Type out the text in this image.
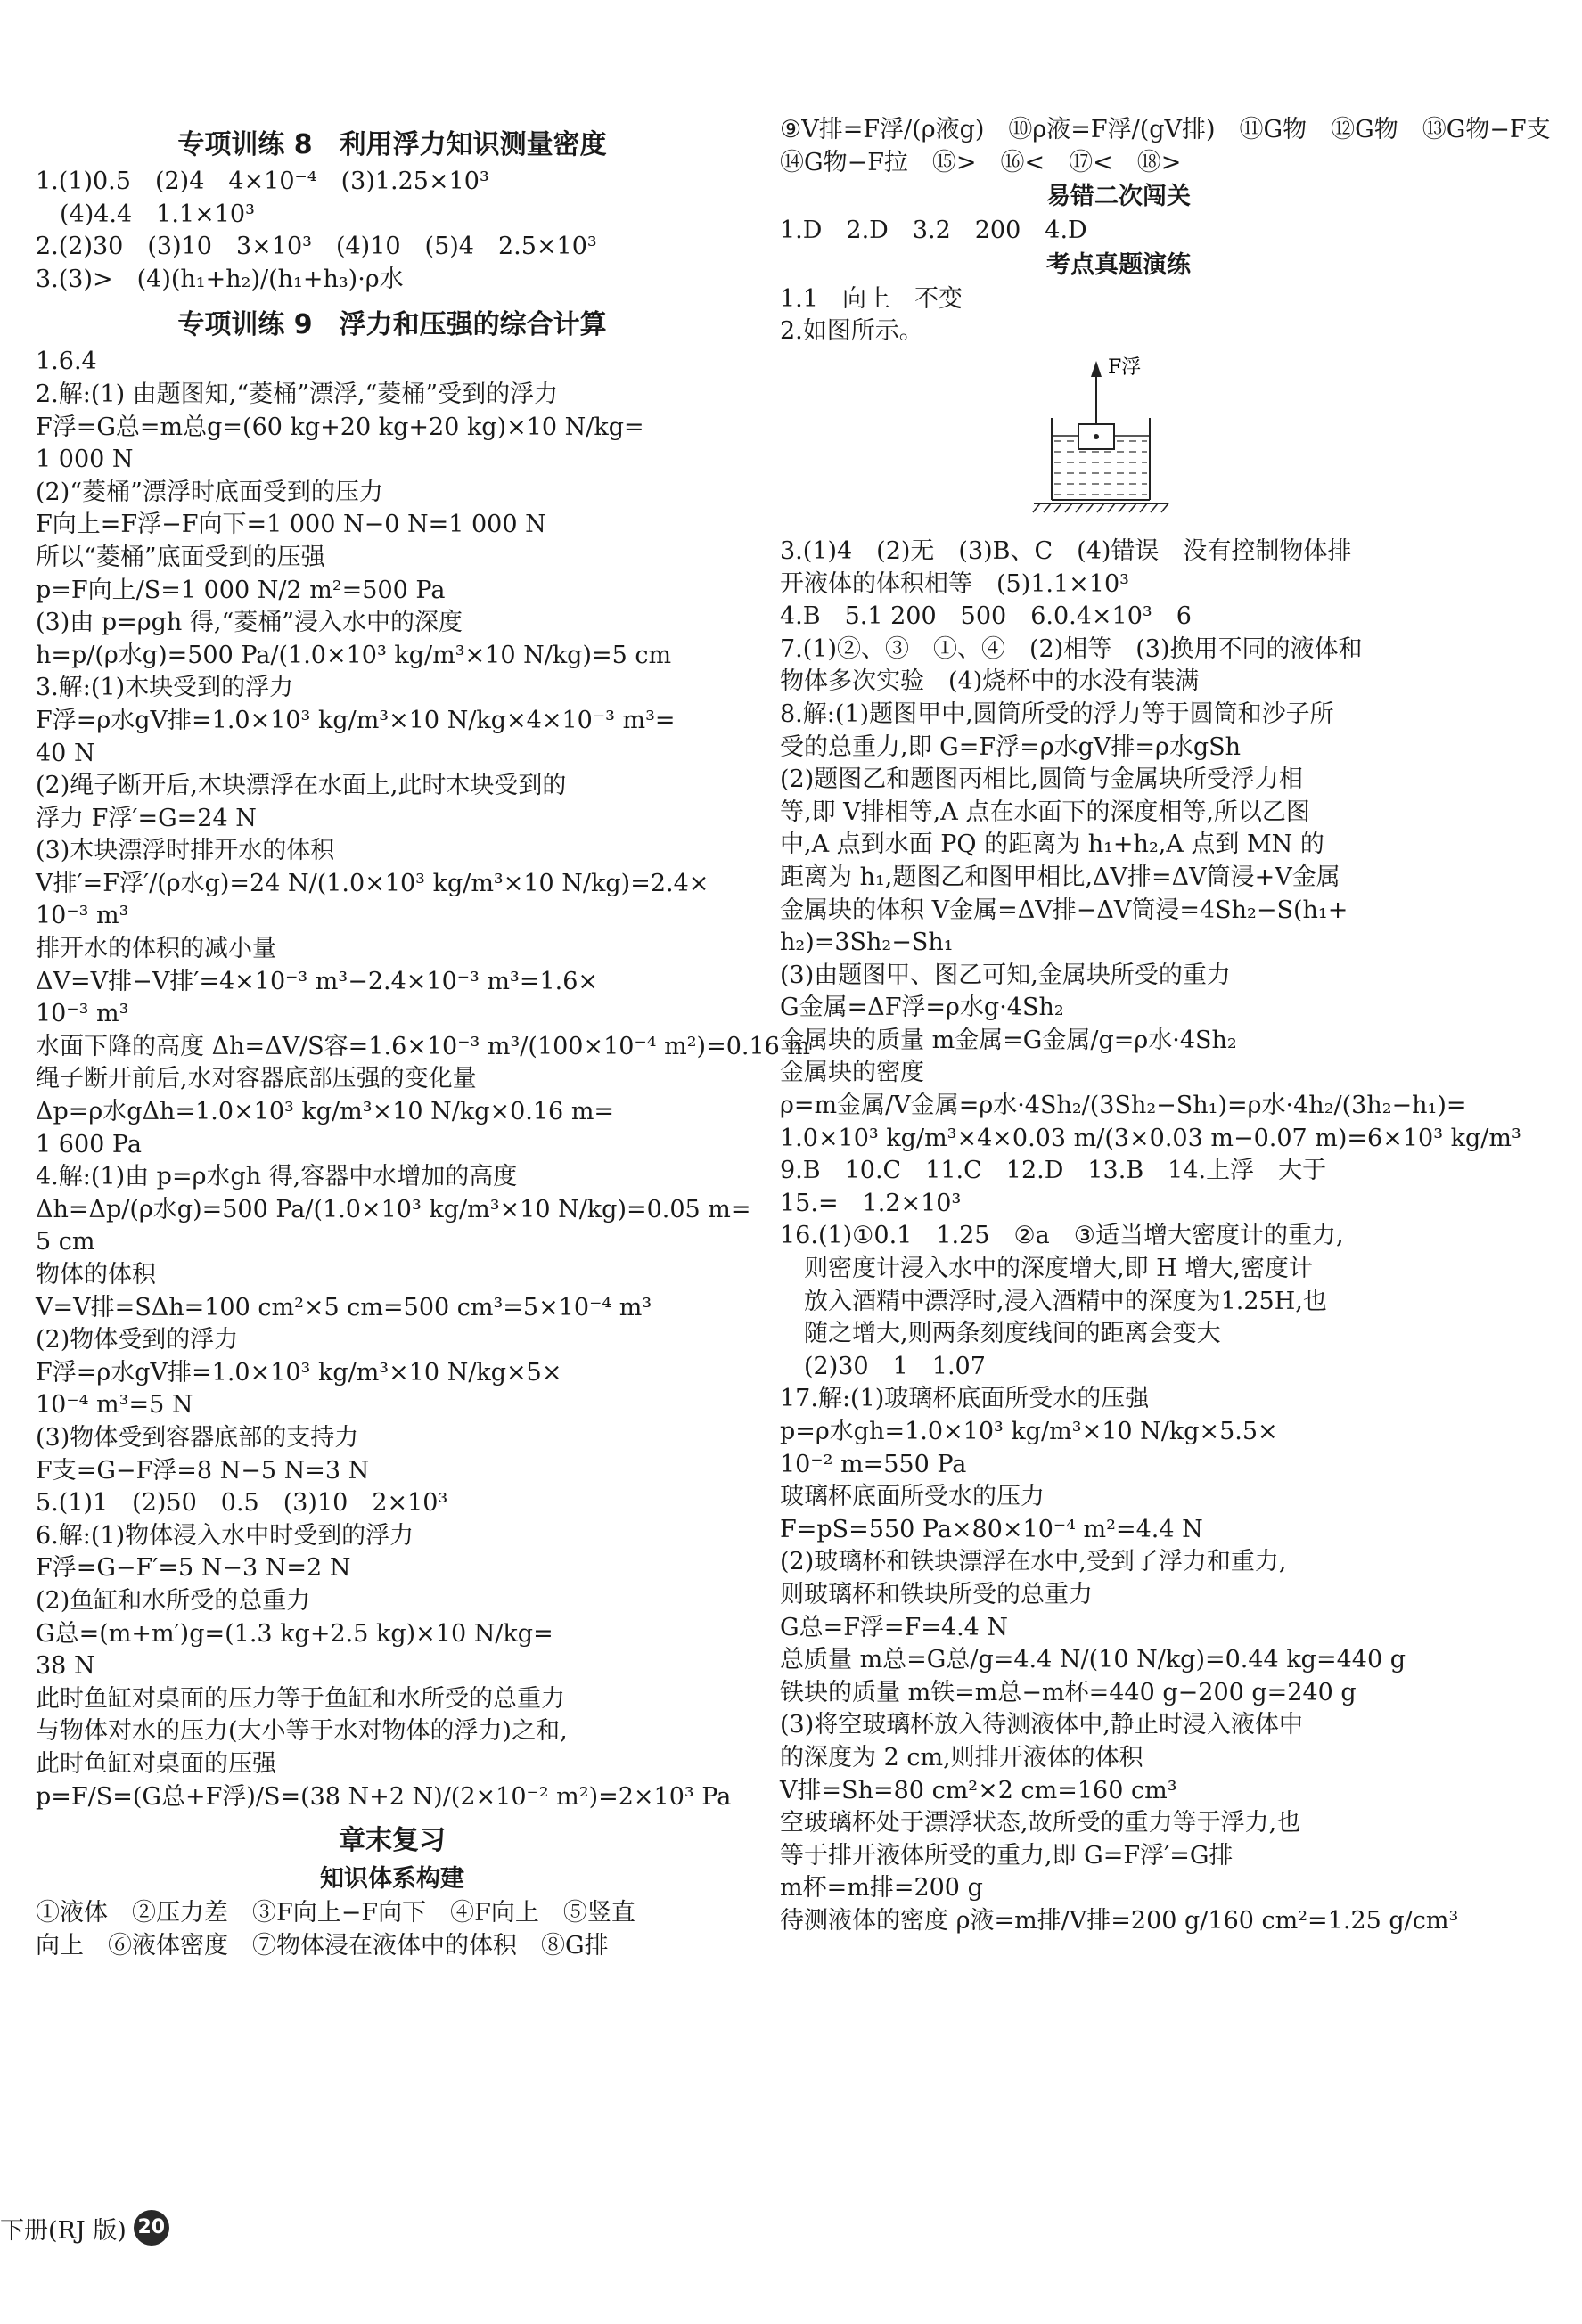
专项训练 8　利用浮力知识测量密度
1.(1)0.5　(2)4　4×10⁻⁴　(3)1.25×10³
　(4)4.4　1.1×10³
2.(2)30　(3)10　3×10³　(4)10　(5)4　2.5×10³
3.(3)>　(4)(h₁+h₂)/(h₁+h₃)·ρ水
专项训练 9　浮力和压强的综合计算
1.6.4
2.解:(1) 由题图知,“菱桶”漂浮,“菱桶”受到的浮力
F浮=G总=m总g=(60 kg+20 kg+20 kg)×10 N/kg=
1 000 N
(2)“菱桶”漂浮时底面受到的压力
F向上=F浮−F向下=1 000 N−0 N=1 000 N
所以“菱桶”底面受到的压强
p=F向上/S=1 000 N/2 m²=500 Pa
(3)由 p=ρgh 得,“菱桶”浸入水中的深度
h=p/(ρ水g)=500 Pa/(1.0×10³ kg/m³×10 N/kg)=5 cm
3.解:(1)木块受到的浮力
F浮=ρ水gV排=1.0×10³ kg/m³×10 N/kg×4×10⁻³ m³=
40 N
(2)绳子断开后,木块漂浮在水面上,此时木块受到的
浮力 F浮′=G=24 N
(3)木块漂浮时排开水的体积
V排′=F浮′/(ρ水g)=24 N/(1.0×10³ kg/m³×10 N/kg)=2.4×
10⁻³ m³
排开水的体积的减小量
ΔV=V排−V排′=4×10⁻³ m³−2.4×10⁻³ m³=1.6×
10⁻³ m³
水面下降的高度 Δh=ΔV/S容=1.6×10⁻³ m³/(100×10⁻⁴ m²)=0.16 m
绳子断开前后,水对容器底部压强的变化量
Δp=ρ水gΔh=1.0×10³ kg/m³×10 N/kg×0.16 m=
1 600 Pa
4.解:(1)由 p=ρ水gh 得,容器中水增加的高度
Δh=Δp/(ρ水g)=500 Pa/(1.0×10³ kg/m³×10 N/kg)=0.05 m=
5 cm
物体的体积
V=V排=SΔh=100 cm²×5 cm=500 cm³=5×10⁻⁴ m³
(2)物体受到的浮力
F浮=ρ水gV排=1.0×10³ kg/m³×10 N/kg×5×
10⁻⁴ m³=5 N
(3)物体受到容器底部的支持力
F支=G−F浮=8 N−5 N=3 N
5.(1)1　(2)50　0.5　(3)10　2×10³
6.解:(1)物体浸入水中时受到的浮力
F浮=G−F′=5 N−3 N=2 N
(2)鱼缸和水所受的总重力
G总=(m+m′)g=(1.3 kg+2.5 kg)×10 N/kg=
38 N
此时鱼缸对桌面的压力等于鱼缸和水所受的总重力
与物体对水的压力(大小等于水对物体的浮力)之和,
此时鱼缸对桌面的压强
p=F/S=(G总+F浮)/S=(38 N+2 N)/(2×10⁻² m²)=2×10³ Pa
章末复习
知识体系构建
①液体　②压力差　③F向上−F向下　④F向上　⑤竖直
向上　⑥液体密度　⑦物体浸在液体中的体积　⑧G排
⑨V排=F浮/(ρ液g)　⑩ρ液=F浮/(gV排)　⑪G物　⑫G物　⑬G物−F支
⑭G物−F拉　⑮>　⑯<　⑰<　⑱>
易错二次闯关
1.D　2.D　3.2　200　4.D
考点真题演练
1.1　向上　不变
2.如图所示。
F浮
3.(1)4　(2)无　(3)B、C　(4)错误　没有控制物体排
开液体的体积相等　(5)1.1×10³
4.B　5.1 200　500　6.0.4×10³　6
7.(1)②、③　①、④　(2)相等　(3)换用不同的液体和
物体多次实验　(4)烧杯中的水没有装满
8.解:(1)题图甲中,圆筒所受的浮力等于圆筒和沙子所
受的总重力,即 G=F浮=ρ水gV排=ρ水gSh
(2)题图乙和题图丙相比,圆筒与金属块所受浮力相
等,即 V排相等,A 点在水面下的深度相等,所以乙图
中,A 点到水面 PQ 的距离为 h₁+h₂,A 点到 MN 的
距离为 h₁,题图乙和图甲相比,ΔV排=ΔV筒浸+V金属
金属块的体积 V金属=ΔV排−ΔV筒浸=4Sh₂−S(h₁+
h₂)=3Sh₂−Sh₁
(3)由题图甲、图乙可知,金属块所受的重力
G金属=ΔF浮=ρ水g·4Sh₂
金属块的质量 m金属=G金属/g=ρ水·4Sh₂
金属块的密度
ρ=m金属/V金属=ρ水·4Sh₂/(3Sh₂−Sh₁)=ρ水·4h₂/(3h₂−h₁)=
1.0×10³ kg/m³×4×0.03 m/(3×0.03 m−0.07 m)=6×10³ kg/m³
9.B　10.C　11.C　12.D　13.B　14.上浮　大于
15.=　1.2×10³
16.(1)①0.1　1.25　②a　③适当增大密度计的重力,
　则密度计浸入水中的深度增大,即 H 增大,密度计
　放入酒精中漂浮时,浸入酒精中的深度为1.25H,也
　随之增大,则两条刻度线间的距离会变大
　(2)30　1　1.07
17.解:(1)玻璃杯底面所受水的压强
p=ρ水gh=1.0×10³ kg/m³×10 N/kg×5.5×
10⁻² m=550 Pa
玻璃杯底面所受水的压力
F=pS=550 Pa×80×10⁻⁴ m²=4.4 N
(2)玻璃杯和铁块漂浮在水中,受到了浮力和重力,
则玻璃杯和铁块所受的总重力
G总=F浮=F=4.4 N
总质量 m总=G总/g=4.4 N/(10 N/kg)=0.44 kg=440 g
铁块的质量 m铁=m总−m杯=440 g−200 g=240 g
(3)将空玻璃杯放入待测液体中,静止时浸入液体中
的深度为 2 cm,则排开液体的体积
V排=Sh=80 cm²×2 cm=160 cm³
空玻璃杯处于漂浮状态,故所受的重力等于浮力,也
等于排开液体所受的重力,即 G=F浮′=G排
m杯=m排=200 g
待测液体的密度 ρ液=m排/V排=200 g/160 cm²=1.25 g/cm³
下册(RJ 版) 20
